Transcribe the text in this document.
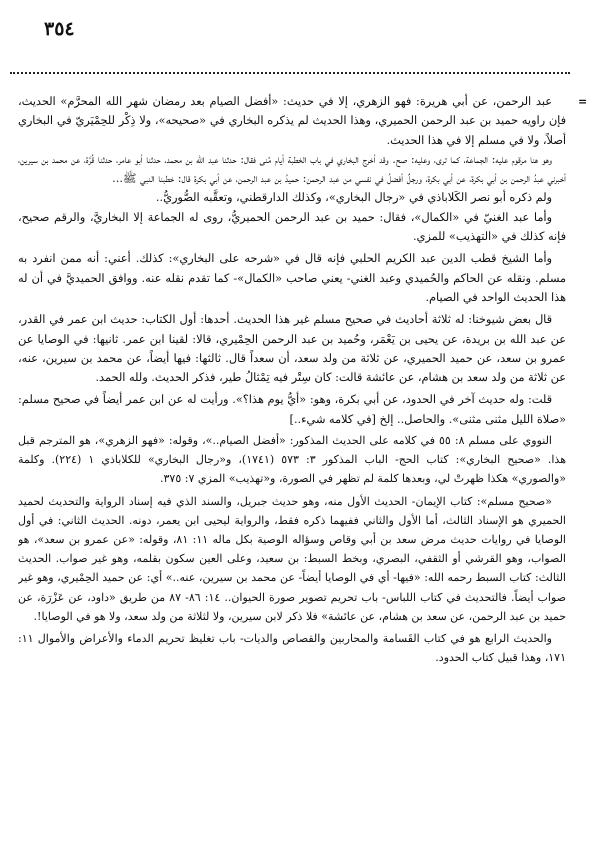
٣٥٤
=

عبد الرحمن، عن أبي هريرة: فهو الزهري، إلا في حديث: «أفضل الصيام بعد رمضان شهر الله المحرَّم» الحديث، فإن راويه حميد بن عبد الرحمن الحميري، وهذا الحديث لم يذكره البخاري في «صحيحه»، ولا ذِكْر للحِمْيَريّ في البخاري أصلاً، ولا في مسلم إلا في هذا الحديث.

وهو هنا مرقوم عليه: الجماعة، كما ترى، وعليه: صح. وقد أخرج البخاري في باب الخطبة أيام مُنى فقال: حدثنا عبد الله بن محمد، حدثنا أبو عامر، حدثنا قُرَّة، عن محمد بن سيرين، أخبرني عبدُ الرحمن بن أبي بكرة، عن أبي بكرة، ورجلٌ أفضلُ في نفسي من عبد الرحمن: حميدُ بن عبد الرحمن، عن أبي بكرة قال: خطبنا النبي ﷺ...

ولم ذكره أبو نصر الكَلاباذي في «رجال البخاري»، وكذلك الدارقطني، وتعقَّبه الصُّوريُّ..

وأما عبد الغنيّ في «الكمال»، فقال: حميد بن عبد الرحمن الحميريُّ، روى له الجماعة إلا البخاريَّ، والرقم صحيح، فإنه كذلك في «التهذيب» للمزي.

وأما الشيخ قطب الدين عبد الكريم الحلبي فإنه قال في «شرحه على البخاري»: كذلك. أعني: أنه ممن انفرد به مسلم. ونقله عن الحاكم والحُميدي وعبد الغني- يعني صاحب «الكمال»- كما تقدم نقله عنه. ووافق الحميديَّ في أن له هذا الحديث الواحد في الصيام.

قال بعض شيوخنا: له ثلاثة أحاديث في صحيح مسلم غير هذا الحديث. أحدها: أول الكتاب: حديث ابن عمر في القدر، عن عبد الله بن بريدة، عن يحيى بن يَعْمَر، وحُميد بن عبد الرحمن الحِمْيري، قالا: لقينا ابن عمر. ثانيها: في الوصايا عن عمرو بن سعد، عن حميد الحميري، عن ثلاثة من ولد سعد، أن سعداً قال. ثالثها: فيها أيضاً، عن محمد بن سيرين، عنه، عن ثلاثة من ولد سعد بن هشام، عن عائشة قالت: كان سِتْر فيه تِمْثالُ طير، فذكر الحديث. ولله الحمد.

قلت: وله حديث آخر في الحدود، عن أبي بكرة، وهو: «أيُّ يوم هذا؟». ورأيت له عن ابن عمر أيضاً في صحيح مسلم: «صلاة الليل مثنى مثنى». والحاصل.. إلخ [في كلامه شيء..]

النووي على مسلم ٨: ٥٥ في كلامه على الحديث المذكور: «أفضل الصيام..»، وقوله: «فهو الزهري»، هو المترجم قبل هذا. «صحيح البخاري»: كتاب الحج- الباب المذكور ٣: ٥٧٣ (١٧٤١)، و«رجال البخاري» للكلاباذي ١ (٢٢٤). وكلمة «والصوري» هكذا ظهرتْ لي، وبعدها كلمة لم تظهر في الصورة، و«تهذيب» المزي ٧: ٣٧٥.

«صحيح مسلم»: كتاب الإيمان- الحديث الأول منه، وهو حديث جبريل، والسند الذي فيه إسناد الرواية والتحديث لحميد الحميري هو الإسناد الثالث، أما الأول والثاني ففيهما ذكره فقط، والرواية ليحيى ابن يعمر، دونه. الحديث الثاني: في أول الوصايا في روايات حديث مرض سعد بن أبي وقاص وسؤاله الوصية بكل ماله ١١: ٨١، وقوله: «عن عمرو بن سعد»، هو الصواب، وهو القرشي أو الثقفي، البصري، وبخط السبط: بن سعيد، وعلى العين سكون بقلمه، وهو غير صواب. الحديث الثالث: كتاب السبط رحمه الله: «فيها- أي في الوصايا أيضاً- عن محمد بن سيرين، عنه..» أي: عن حميد الحِمْيري، وهو غير صواب أيضاً. فالتحديث في كتاب اللباس- باب تحريم تصوير صورة الحيوان.. ١٤: ٨٦- ٨٧ من طريق «داود، عن عَزْرَة، عن حميد بن عبد الرحمن، عن سعد بن هشام، عن عائشة» فلا ذكر لابن سيرين، ولا لثلاثة من ولد سعد، ولا هو في الوصايا!.

والحديث الرابع هو في كتاب القَسامة والمحاربين والقصاص والديات- باب تغليظ تحريم الدماء والأعراض والأموال ١١: ١٧١، وهذا قبيل كتاب الحدود.
